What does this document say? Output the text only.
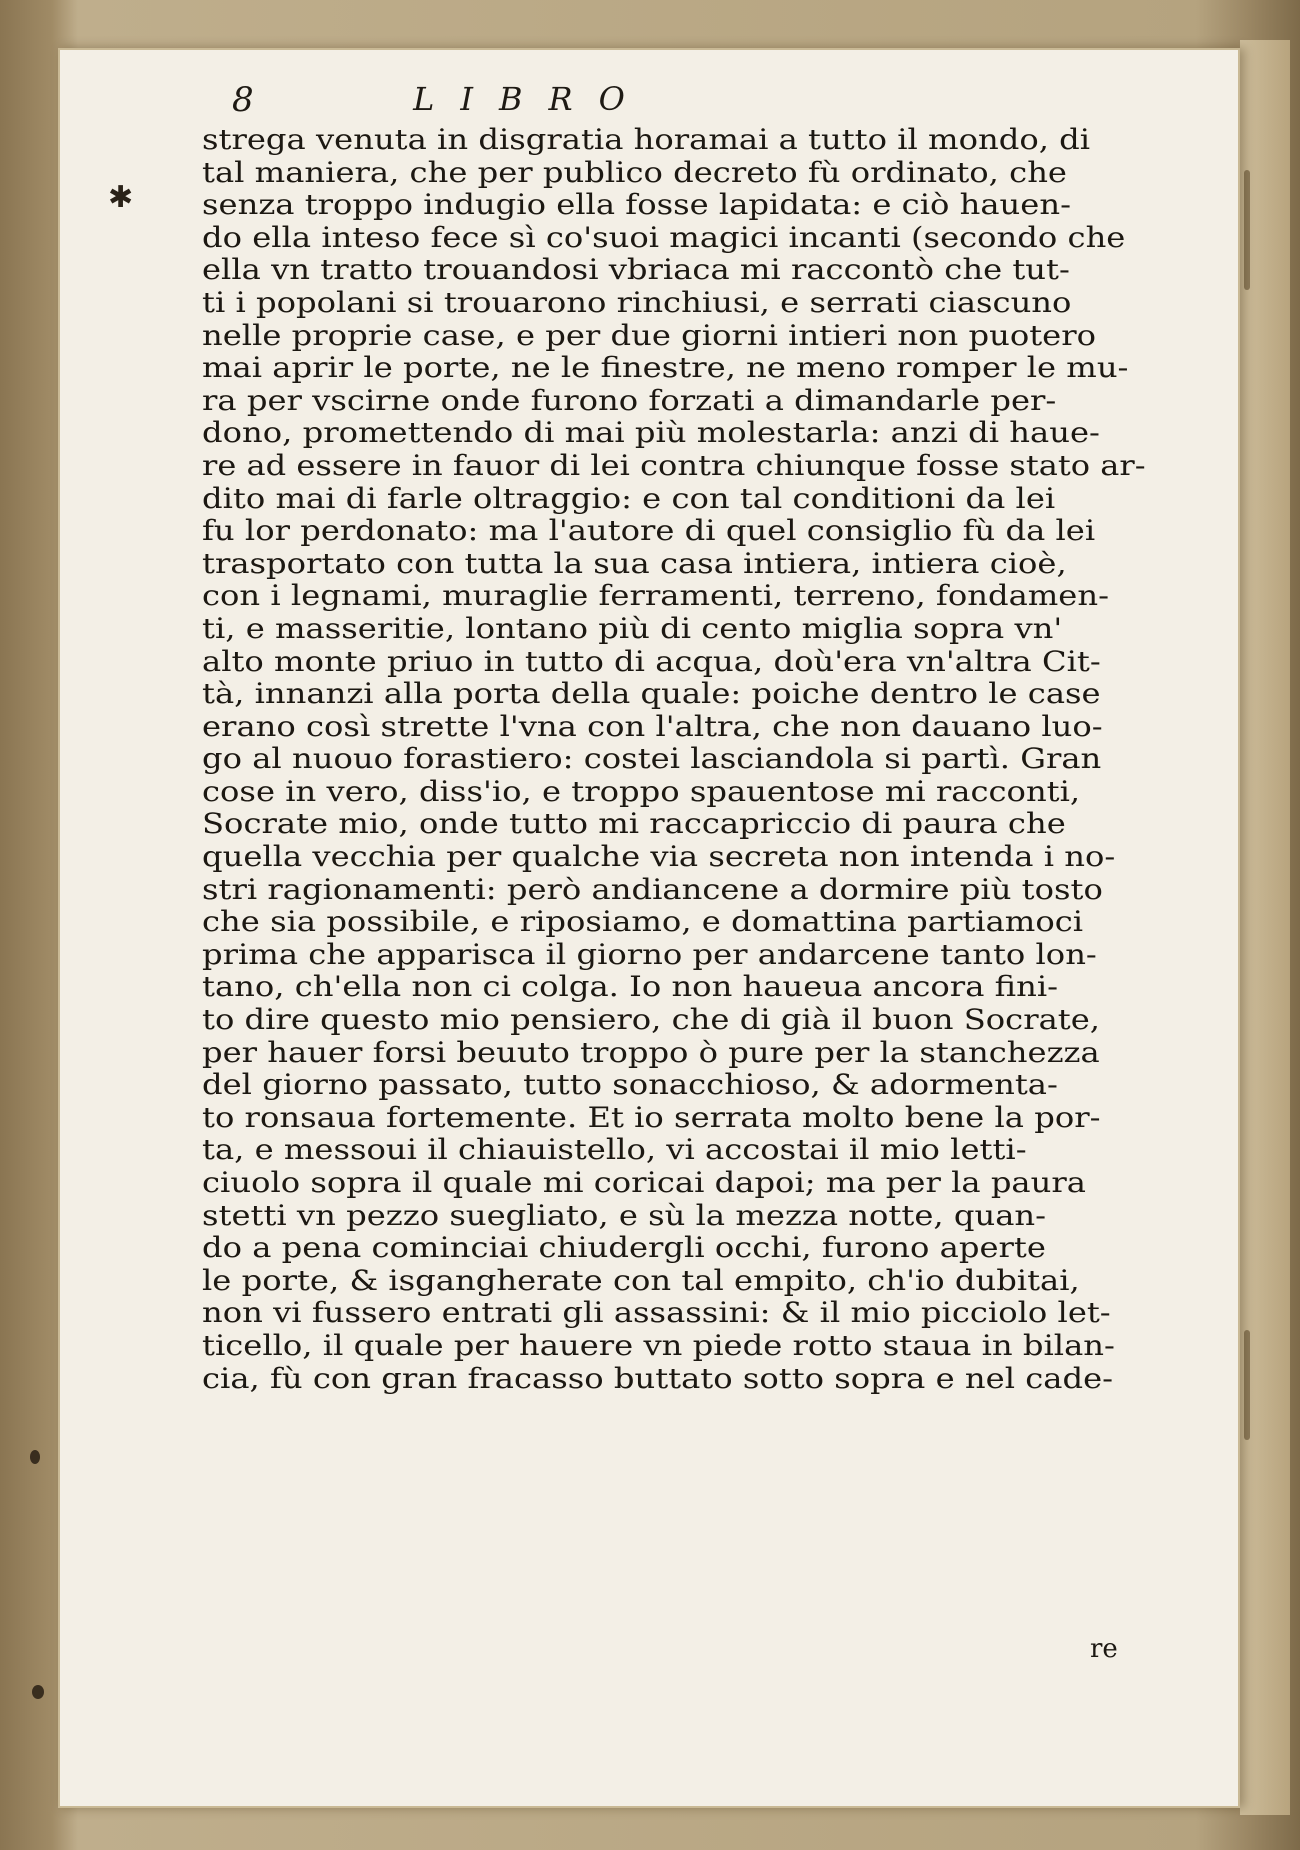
8	LIBRO
✱
strega venuta in disgratia horamai a tutto il mondo, di
tal maniera, che per publico decreto fù ordinato, che
senza troppo indugio ella fosse lapidata: e ciò hauen-
do ella inteso fece sì co'suoi magici incanti (secondo che
ella vn tratto trouandosi vbriaca mi raccontò che tut-
ti i popolani si trouarono rinchiusi, e serrati ciascuno
nelle proprie case, e per due giorni intieri non puotero
mai aprir le porte, ne le finestre, ne meno romper le mu-
ra per vscirne onde furono forzati a dimandarle per-
dono, promettendo di mai più molestarla: anzi di haue-
re ad essere in fauor di lei contra chiunque fosse stato ar-
dito mai di farle oltraggio: e con tal conditioni da lei
fu lor perdonato: ma l'autore di quel consiglio fù da lei
trasportato con tutta la sua casa intiera, intiera cioè,
con i legnami, muraglie ferramenti, terreno, fondamen-
ti, e masseritie, lontano più di cento miglia sopra vn'
alto monte priuo in tutto di acqua, doù'era vn'altra Cit-
tà, innanzi alla porta della quale: poiche dentro le case
erano così strette l'vna con l'altra, che non dauano luo-
go al nuouo forastiero: costei lasciandola si partì. Gran
cose in vero, diss'io, e troppo spauentose mi racconti,
Socrate mio, onde tutto mi raccapriccio di paura che
quella vecchia per qualche via secreta non intenda i no-
stri ragionamenti: però andiancene a dormire più tosto
che sia possibile, e riposiamo, e domattina partiamoci
prima che apparisca il giorno per andarcene tanto lon-
tano, ch'ella non ci colga. Io non haueua ancora fini-
to dire questo mio pensiero, che di già il buon Socrate,
per hauer forsi beuuto troppo ò pure per la stanchezza
del giorno passato, tutto sonacchioso, & adormenta-
to ronsaua fortemente. Et io serrata molto bene la por-
ta, e messoui il chiauistello, vi accostai il mio letti-
ciuolo sopra il quale mi coricai dapoi; ma per la paura
stetti vn pezzo suegliato, e sù la mezza notte, quan-
do a pena cominciai chiudergli occhi, furono aperte
le porte, & isgangherate con tal empito, ch'io dubitai,
non vi fussero entrati gli assassini: & il mio picciolo let-
ticello, il quale per hauere vn piede rotto staua in bilan-
cia, fù con gran fracasso buttato sotto sopra e nel cade-
re
